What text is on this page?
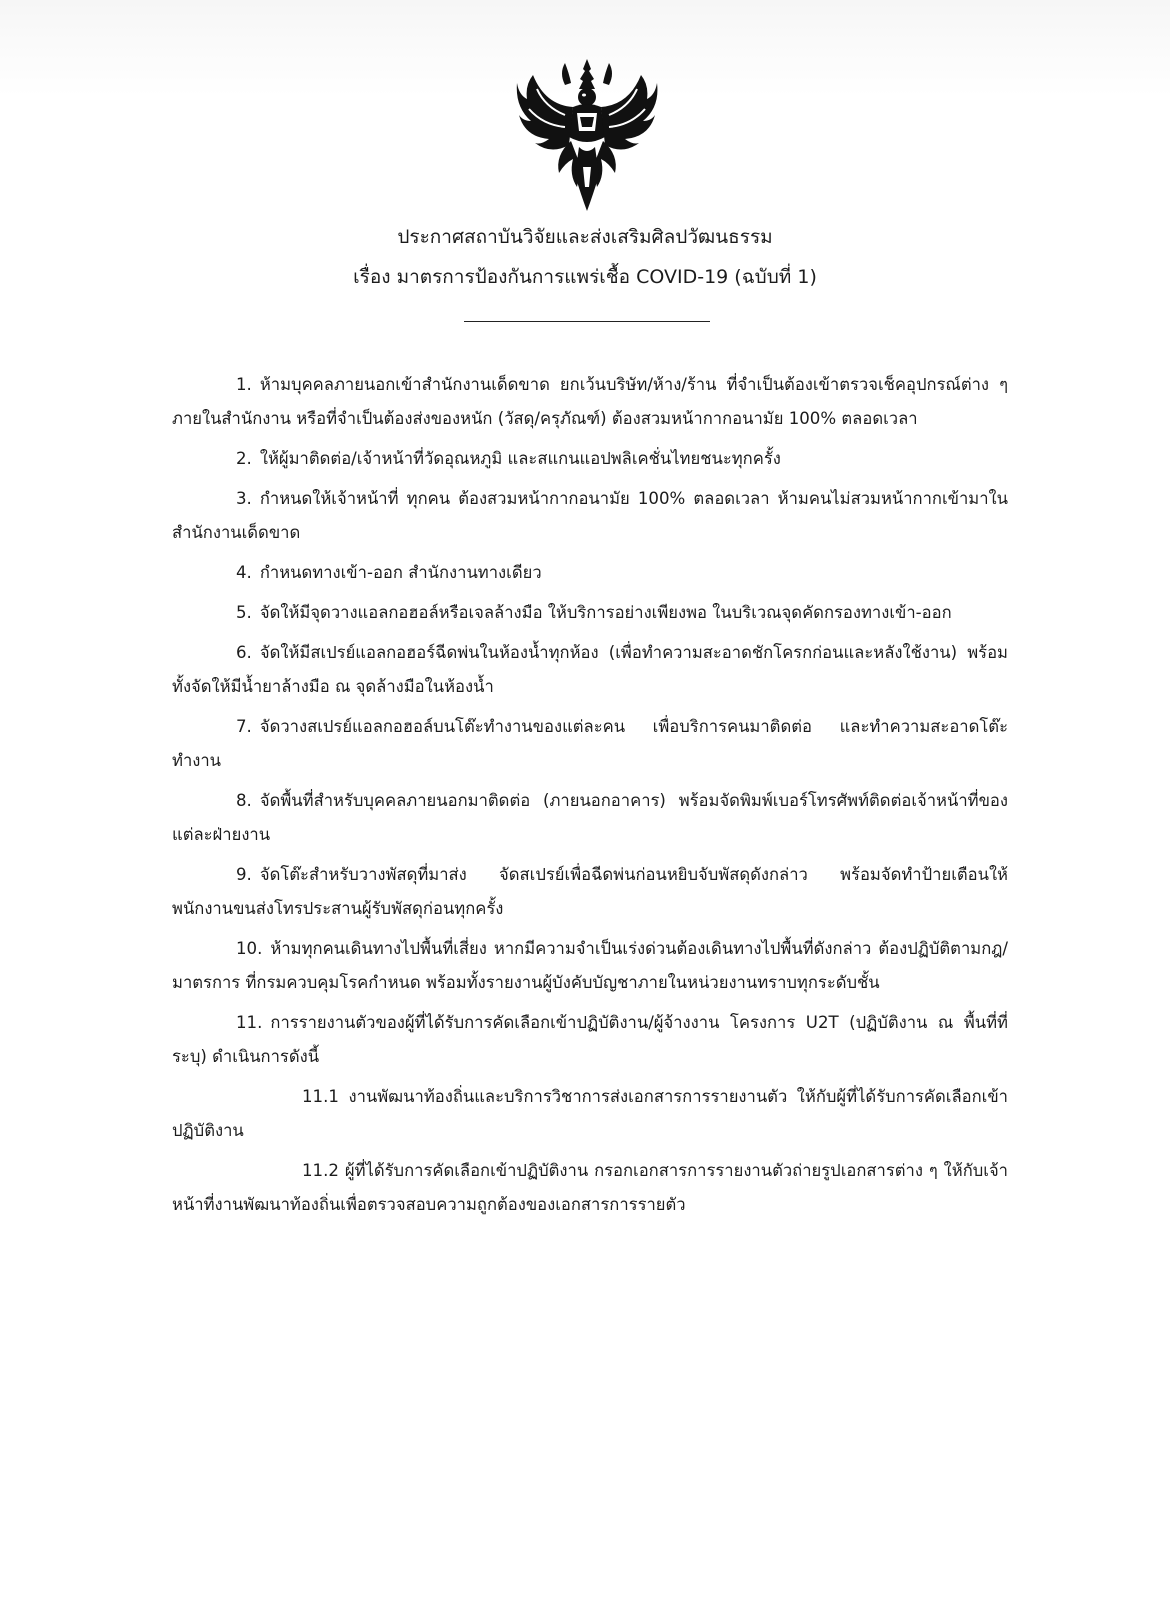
ประกาศสถาบันวิจัยและส่งเสริมศิลปวัฒนธรรม
เรื่อง มาตรการป้องกันการแพร่เชื้อ COVID-19 (ฉบับที่ 1)

1. ห้ามบุคคลภายนอกเข้าสำนักงานเด็ดขาด ยกเว้นบริษัท/ห้าง/ร้าน ที่จำเป็นต้องเข้าตรวจเช็คอุปกรณ์ต่าง ๆ ภายในสำนักงาน หรือที่จำเป็นต้องส่งของหนัก (วัสดุ/ครุภัณฑ์) ต้องสวมหน้ากากอนามัย 100% ตลอดเวลา

2. ให้ผู้มาติดต่อ/เจ้าหน้าที่วัดอุณหภูมิ และสแกนแอปพลิเคชั่นไทยชนะทุกครั้ง

3. กำหนดให้เจ้าหน้าที่ ทุกคน ต้องสวมหน้ากากอนามัย 100% ตลอดเวลา ห้ามคนไม่สวมหน้ากากเข้ามาในสำนักงานเด็ดขาด

4. กำหนดทางเข้า-ออก สำนักงานทางเดียว

5. จัดให้มีจุดวางแอลกอฮอล์หรือเจลล้างมือ ให้บริการอย่างเพียงพอ ในบริเวณจุดคัดกรองทางเข้า-ออก

6. จัดให้มีสเปรย์แอลกอฮอร์ฉีดพ่นในห้องน้ำทุกห้อง (เพื่อทำความสะอาดชักโครกก่อนและหลังใช้งาน) พร้อมทั้งจัดให้มีน้ำยาล้างมือ ณ จุดล้างมือในห้องน้ำ

7. จัดวางสเปรย์แอลกอฮอล์บนโต๊ะทำงานของแต่ละคน เพื่อบริการคนมาติดต่อ และทำความสะอาดโต๊ะทำงาน

8. จัดพื้นที่สำหรับบุคคลภายนอกมาติดต่อ (ภายนอกอาคาร) พร้อมจัดพิมพ์เบอร์โทรศัพท์ติดต่อเจ้าหน้าที่ของแต่ละฝ่ายงาน

9. จัดโต๊ะสำหรับวางพัสดุที่มาส่ง จัดสเปรย์เพื่อฉีดพ่นก่อนหยิบจับพัสดุดังกล่าว พร้อมจัดทำป้ายเตือนให้พนักงานขนส่งโทรประสานผู้รับพัสดุก่อนทุกครั้ง

10. ห้ามทุกคนเดินทางไปพื้นที่เสี่ยง หากมีความจำเป็นเร่งด่วนต้องเดินทางไปพื้นที่ดังกล่าว ต้องปฏิบัติตามกฎ/มาตรการ ที่กรมควบคุมโรคกำหนด พร้อมทั้งรายงานผู้บังคับบัญชาภายในหน่วยงานทราบทุกระดับชั้น

11. การรายงานตัวของผู้ที่ได้รับการคัดเลือกเข้าปฏิบัติงาน/ผู้จ้างงาน โครงการ U2T (ปฏิบัติงาน ณ พื้นที่ที่ระบุ) ดำเนินการดังนี้

11.1 งานพัฒนาท้องถิ่นและบริการวิชาการส่งเอกสารการรายงานตัว ให้กับผู้ที่ได้รับการคัดเลือกเข้าปฏิบัติงาน

11.2 ผู้ที่ได้รับการคัดเลือกเข้าปฏิบัติงาน กรอกเอกสารการรายงานตัวถ่ายรูปเอกสารต่าง ๆ ให้กับเจ้าหน้าที่งานพัฒนาท้องถิ่นเพื่อตรวจสอบความถูกต้องของเอกสารการรายตัว
